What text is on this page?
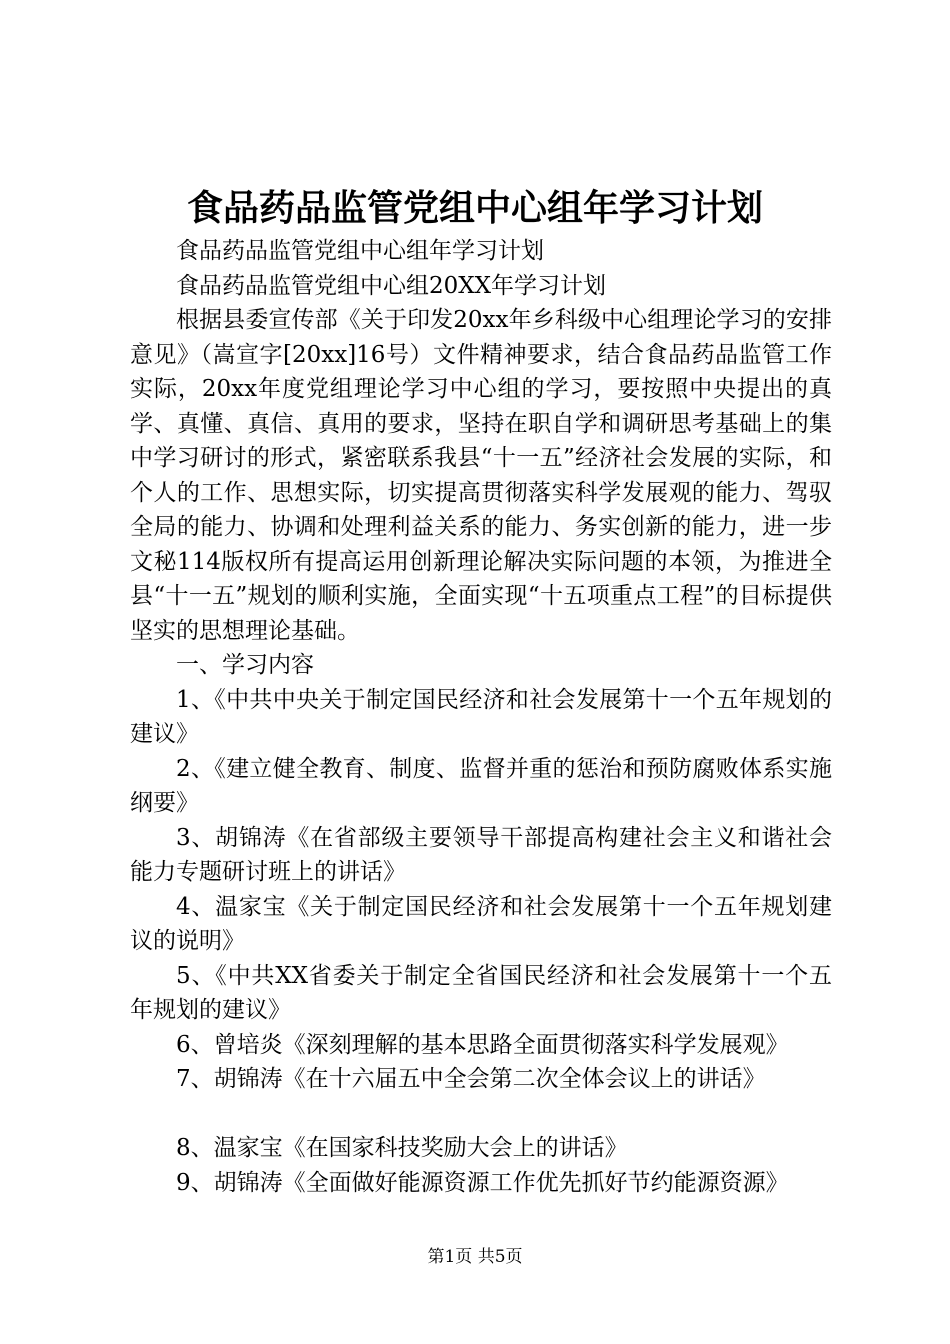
食品药品监管党组中心组年学习计划

食品药品监管党组中心组年学习计划

食品药品监管党组中心组20XX年学习计划

根据县委宣传部《关于印发20xx年乡科级中心组理论学习的安排意见》（嵩宣字[20xx]16号）文件精神要求，结合食品药品监管工作实际，20xx年度党组理论学习中心组的学习，要按照中央提出的真学、真懂、真信、真用的要求，坚持在职自学和调研思考基础上的集中学习研讨的形式，紧密联系我县“十一五”经济社会发展的实际，和个人的工作、思想实际，切实提高贯彻落实科学发展观的能力、驾驭全局的能力、协调和处理利益关系的能力、务实创新的能力，进一步文秘114版权所有提高运用创新理论解决实际问题的本领，为推进全县“十一五”规划的顺利实施，全面实现“十五项重点工程”的目标提供坚实的思想理论基础。

一、学习内容

1、《中共中央关于制定国民经济和社会发展第十一个五年规划的建议》

2、《建立健全教育、制度、监督并重的惩治和预防腐败体系实施纲要》

3、胡锦涛《在省部级主要领导干部提高构建社会主义和谐社会能力专题研讨班上的讲话》

4、温家宝《关于制定国民经济和社会发展第十一个五年规划建议的说明》

5、《中共XX省委关于制定全省国民经济和社会发展第十一个五年规划的建议》

6、曾培炎《深刻理解的基本思路全面贯彻落实科学发展观》

7、胡锦涛《在十六届五中全会第二次全体会议上的讲话》

8、温家宝《在国家科技奖励大会上的讲话》

9、胡锦涛《全面做好能源资源工作优先抓好节约能源资源》

第1页 共5页
